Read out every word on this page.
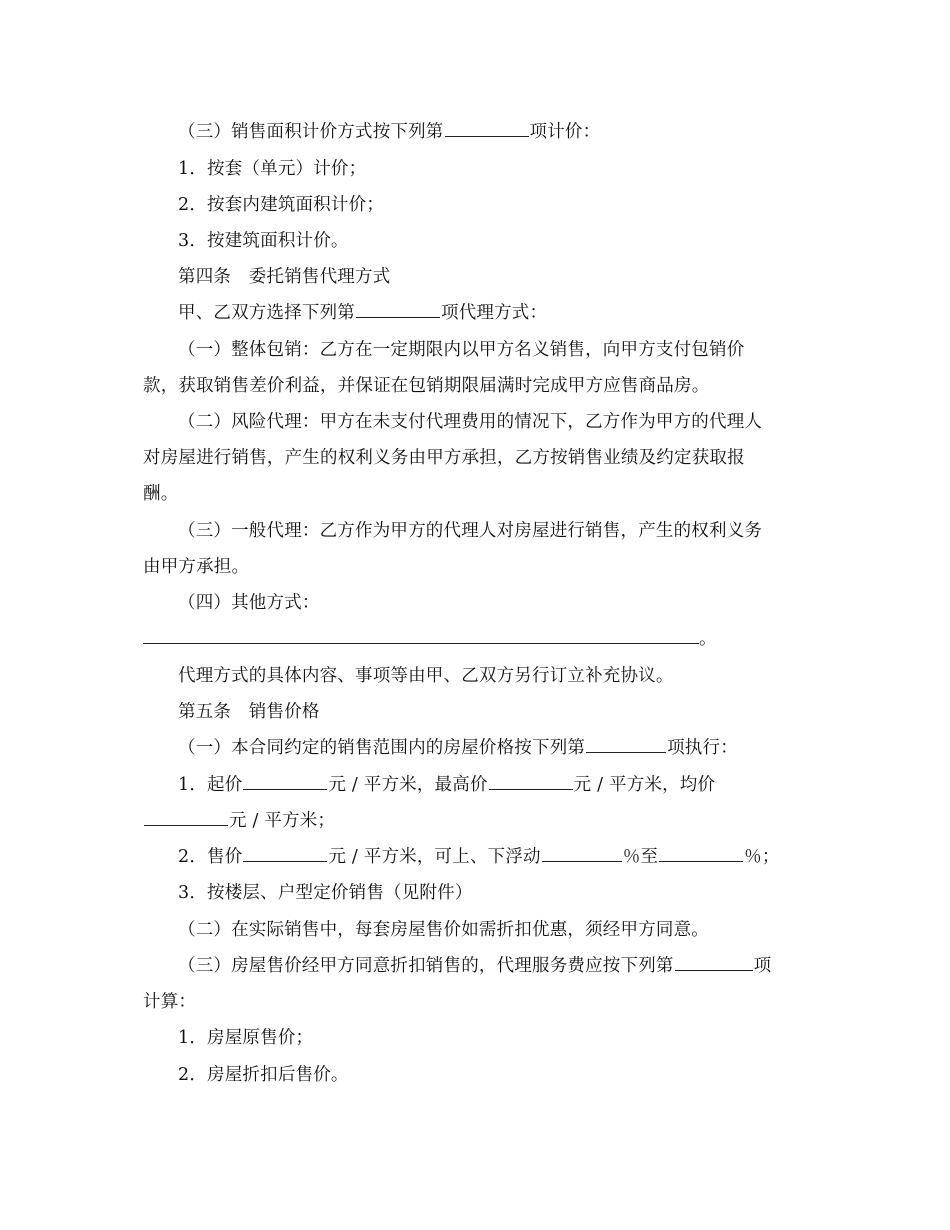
（三）销售面积计价方式按下列第	项计价：
1．按套（单元）计价；
2．按套内建筑面积计价；
3．按建筑面积计价。
第四条　委托销售代理方式
甲、乙双方选择下列第	项代理方式：
（一）整体包销：乙方在一定期限内以甲方名义销售，向甲方支付包销价
款，获取销售差价利益，并保证在包销期限届满时完成甲方应售商品房。
（二）风险代理：甲方在未支付代理费用的情况下，乙方作为甲方的代理人
对房屋进行销售，产生的权利义务由甲方承担，乙方按销售业绩及约定获取报
酬。
（三）一般代理：乙方作为甲方的代理人对房屋进行销售，产生的权利义务
由甲方承担。
（四）其他方式：
。
代理方式的具体内容、事项等由甲、乙双方另行订立补充协议。
第五条　销售价格
（一）本合同约定的销售范围内的房屋价格按下列第	项执行：
1．起价	元 / 平方米，最高价	元 / 平方米，均价
元 / 平方米；
2．售价	元 / 平方米，可上、下浮动	％至	％；
3．按楼层、户型定价销售（见附件）
（二）在实际销售中，每套房屋售价如需折扣优惠，须经甲方同意。
（三）房屋售价经甲方同意折扣销售的，代理服务费应按下列第	项
计算：
1．房屋原售价；
2．房屋折扣后售价。
